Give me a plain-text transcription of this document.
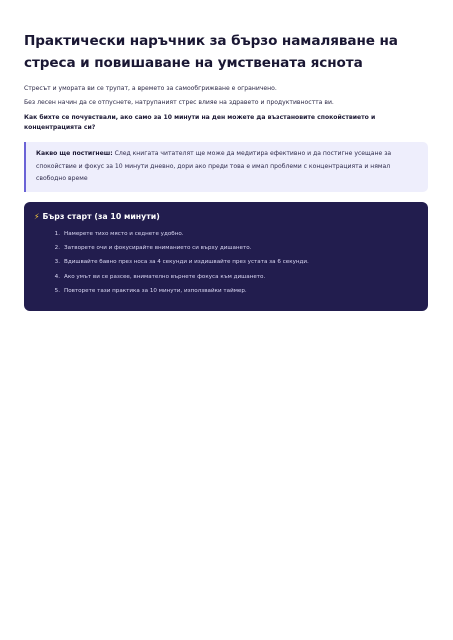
Практически наръчник за бързо намаляване на стреса и повишаване на умствената яснота

Стресът и умората ви се трупат, а времето за самообгрижване е ограничено.

Без лесен начин да се отпуснете, натрупаният стрес влияе на здравето и продуктивността ви.

Как бихте се почувствали, ако само за 10 минути на ден можете да възстановите спокойствието и концентрацията си?

Какво ще постигнеш: След книгата читателят ще може да медитира ефективно и да постигне усещане за спокойствие и фокус за 10 минути дневно, дори ако преди това е имал проблеми с концентрацията и нямал свободно време
⚡ Бърз старт (за 10 минути)
1. Намерете тихо място и седнете удобно.
2. Затворете очи и фокусирайте вниманието си върху дишането.
3. Вдишвайте бавно през носа за 4 секунди и издишвайте през устата за 6 секунди.
4. Ако умът ви се разсее, внимателно върнете фокуса към дишането.
5. Повторете тази практика за 10 минути, използвайки таймер.
